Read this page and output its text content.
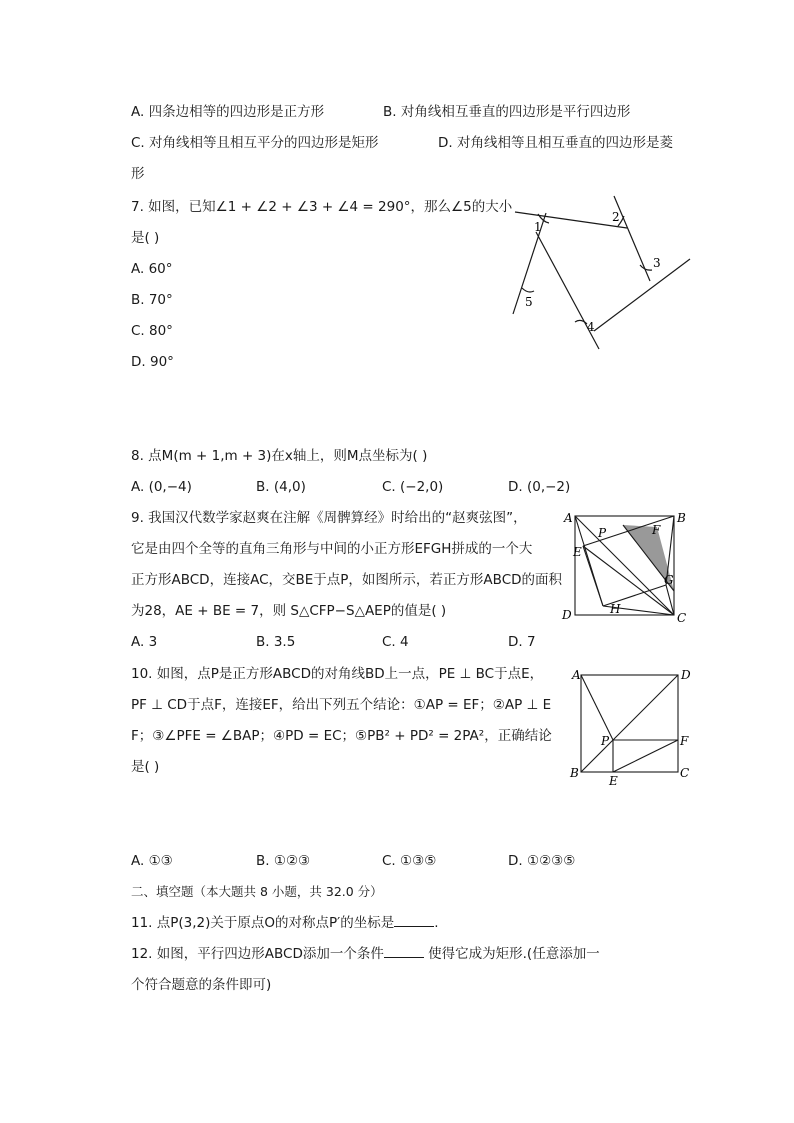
A. 四条边相等的四边形是正方形	B. 对角线相互垂直的四边形是平行四边形
C. 对角线相等且相互平分的四边形是矩形	D. 对角线相等且相互垂直的四边形是菱
形
7. 如图，已知∠1 + ∠2 + ∠3 + ∠4 = 290°，那么∠5的大小
是( )
A. 60°
B. 70°
C. 80°
D. 90°
1
2
3
4
5
8. 点M(m + 1,m + 3)在x轴上，则M点坐标为( )
A. (0,−4)	B. (4,0)	C. (−2,0)	D. (0,−2)
9. 我国汉代数学家赵爽在注解《周髀算经》时给出的“赵爽弦图”，
它是由四个全等的直角三角形与中间的小正方形EFGH拼成的一个大
正方形ABCD，连接AC，交BE于点P，如图所示，若正方形ABCD的面积
为28，AE + BE = 7，则 S△CFP−S△AEP的值是( )
A. 3	B. 3.5	C. 4	D. 7
A	B
C
D
E
F
G
H
P
10. 如图，点P是正方形ABCD的对角线BD上一点，PE ⊥ BC于点E，
PF ⊥ CD于点F，连接EF，给出下列五个结论：①AP = EF；②AP ⊥ E
F；③∠PFE = ∠BAP；④PD = EC；⑤PB² + PD² = 2PA²，正确结论
是( )
A	D
P	F
B
E
C
A. ①③	B. ①②③	C. ①③⑤	D. ①②③⑤
二、填空题（本大题共 8 小题，共 32.0 分）
11. 点P(3,2)关于原点O的对称点P′的坐标是	.
12. 如图，平行四边形ABCD添加一个条件	使得它成为矩形.(任意添加一
个符合题意的条件即可)
